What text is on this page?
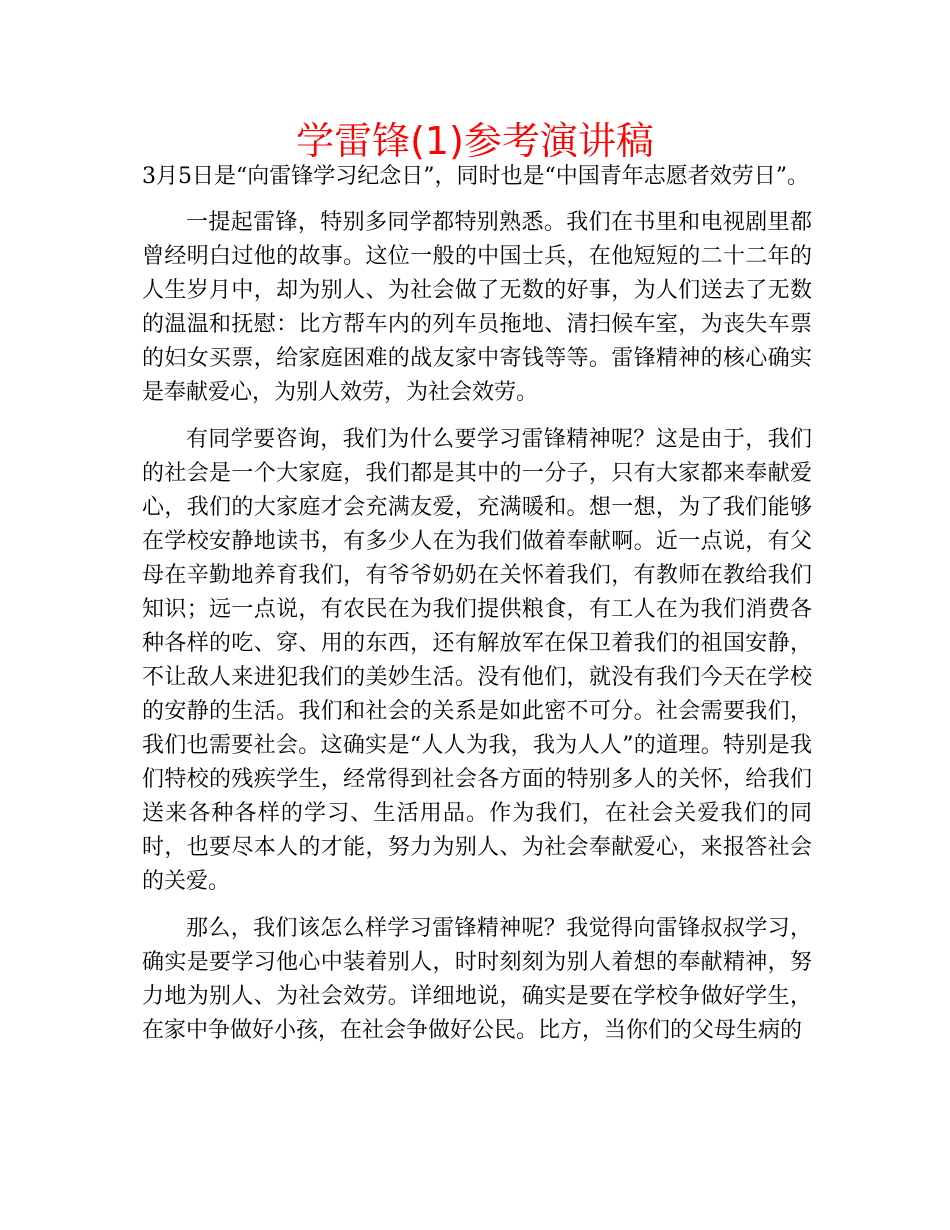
学雷锋(1)参考演讲稿

3月5日是“向雷锋学习纪念日”，同时也是“中国青年志愿者效劳日”。

一提起雷锋，特别多同学都特别熟悉。我们在书里和电视剧里都曾经明白过他的故事。这位一般的中国士兵，在他短短的二十二年的人生岁月中，却为别人、为社会做了无数的好事，为人们送去了无数的温温和抚慰：比方帮车内的列车员拖地、清扫候车室，为丧失车票的妇女买票，给家庭困难的战友家中寄钱等等。雷锋精神的核心确实是奉献爱心，为别人效劳，为社会效劳。

有同学要咨询，我们为什么要学习雷锋精神呢？这是由于，我们的社会是一个大家庭，我们都是其中的一分子，只有大家都来奉献爱心，我们的大家庭才会充满友爱，充满暖和。想一想，为了我们能够在学校安静地读书，有多少人在为我们做着奉献啊。近一点说，有父母在辛勤地养育我们，有爷爷奶奶在关怀着我们，有教师在教给我们知识；远一点说，有农民在为我们提供粮食，有工人在为我们消费各种各样的吃、穿、用的东西，还有解放军在保卫着我们的祖国安静，不让敌人来进犯我们的美妙生活。没有他们，就没有我们今天在学校的安静的生活。我们和社会的关系是如此密不可分。社会需要我们，我们也需要社会。这确实是“人人为我，我为人人”的道理。特别是我们特校的残疾学生，经常得到社会各方面的特别多人的关怀，给我们送来各种各样的学习、生活用品。作为我们，在社会关爱我们的同时，也要尽本人的才能，努力为别人、为社会奉献爱心，来报答社会的关爱。

那么，我们该怎么样学习雷锋精神呢？我觉得向雷锋叔叔学习，确实是要学习他心中装着别人，时时刻刻为别人着想的奉献精神，努力地为别人、为社会效劳。详细地说，确实是要在学校争做好学生，在家中争做好小孩，在社会争做好公民。比方，当你们的父母生病的
